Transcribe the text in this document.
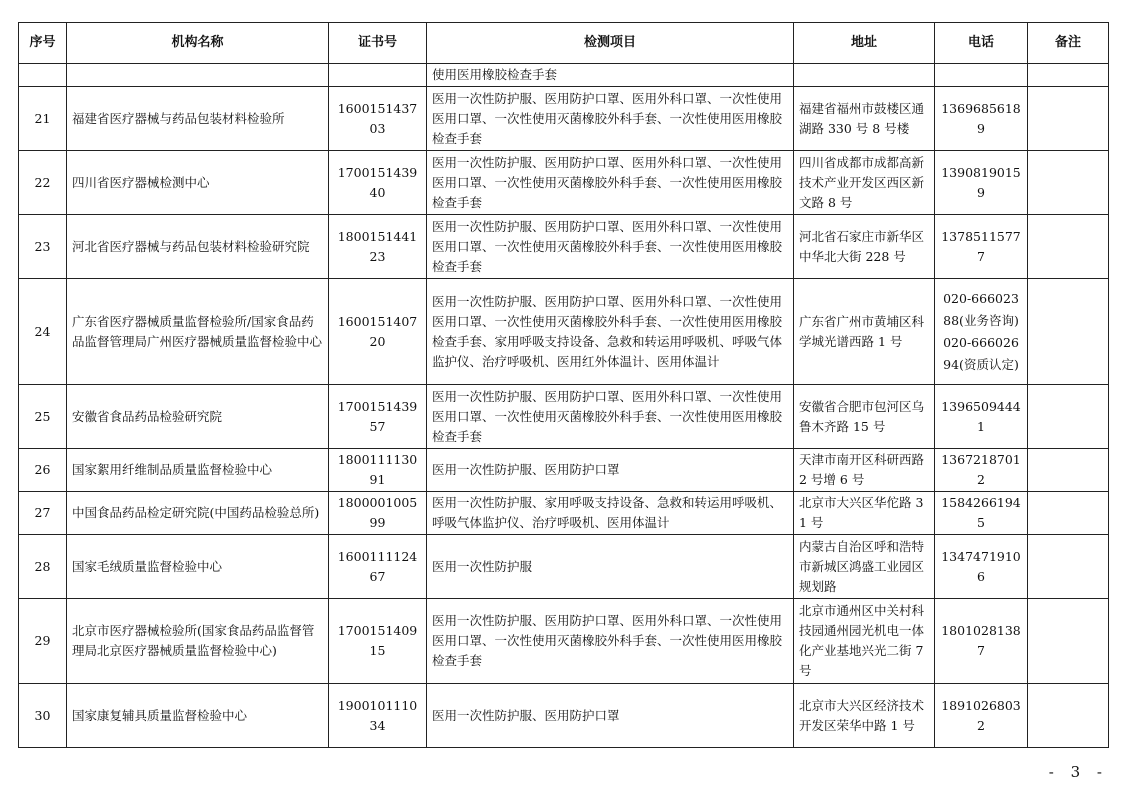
序号	机构名称	证书号	检测项目	地址	电话	备注
			使用医用橡胶检查手套			
21	福建省医疗器械与药品包装材料检验所	160015143703	医用一次性防护服、医用防护口罩、医用外科口罩、一次性使用医用口罩、一次性使用灭菌橡胶外科手套、一次性使用医用橡胶检查手套	福建省福州市鼓楼区通湖路 330 号 8 号楼	13696856189	
22	四川省医疗器械检测中心	170015143940	医用一次性防护服、医用防护口罩、医用外科口罩、一次性使用医用口罩、一次性使用灭菌橡胶外科手套、一次性使用医用橡胶检查手套	四川省成都市成都高新技术产业开发区西区新文路 8 号	13908190159	
23	河北省医疗器械与药品包装材料检验研究院	180015144123	医用一次性防护服、医用防护口罩、医用外科口罩、一次性使用医用口罩、一次性使用灭菌橡胶外科手套、一次性使用医用橡胶检查手套	河北省石家庄市新华区中华北大街 228 号	13785115777	
24	广东省医疗器械质量监督检验所/国家食品药品监督管理局广州医疗器械质量监督检验中心	160015140720	医用一次性防护服、医用防护口罩、医用外科口罩、一次性使用医用口罩、一次性使用灭菌橡胶外科手套、一次性使用医用橡胶检查手套、家用呼吸支持设备、急救和转运用呼吸机、呼吸气体监护仪、治疗呼吸机、医用红外体温计、医用体温计	广东省广州市黄埔区科学城光谱西路 1 号	020-66602388(业务咨询)020-66602694(资质认定)	
25	安徽省食品药品检验研究院	170015143957	医用一次性防护服、医用防护口罩、医用外科口罩、一次性使用医用口罩、一次性使用灭菌橡胶外科手套、一次性使用医用橡胶检查手套	安徽省合肥市包河区乌鲁木齐路 15 号	13965094441	
26	国家絮用纤维制品质量监督检验中心	180011113091	医用一次性防护服、医用防护口罩	天津市南开区科研西路 2 号增 6 号	13672187012	
27	中国食品药品检定研究院(中国药品检验总所)	180000100599	医用一次性防护服、家用呼吸支持设备、急救和转运用呼吸机、呼吸气体监护仪、治疗呼吸机、医用体温计	北京市大兴区华佗路 31 号	15842661945	
28	国家毛绒质量监督检验中心	160011112467	医用一次性防护服	内蒙古自治区呼和浩特市新城区鸿盛工业园区规划路	13474719106	
29	北京市医疗器械检验所(国家食品药品监督管理局北京医疗器械质量监督检验中心)	170015140915	医用一次性防护服、医用防护口罩、医用外科口罩、一次性使用医用口罩、一次性使用灭菌橡胶外科手套、一次性使用医用橡胶检查手套	北京市通州区中关村科技园通州园光机电一体化产业基地兴光二街 7 号	18010281387	
30	国家康复辅具质量监督检验中心	190010111034	医用一次性防护服、医用防护口罩	北京市大兴区经济技术开发区荣华中路 1 号	18910268032	
- 3 -
